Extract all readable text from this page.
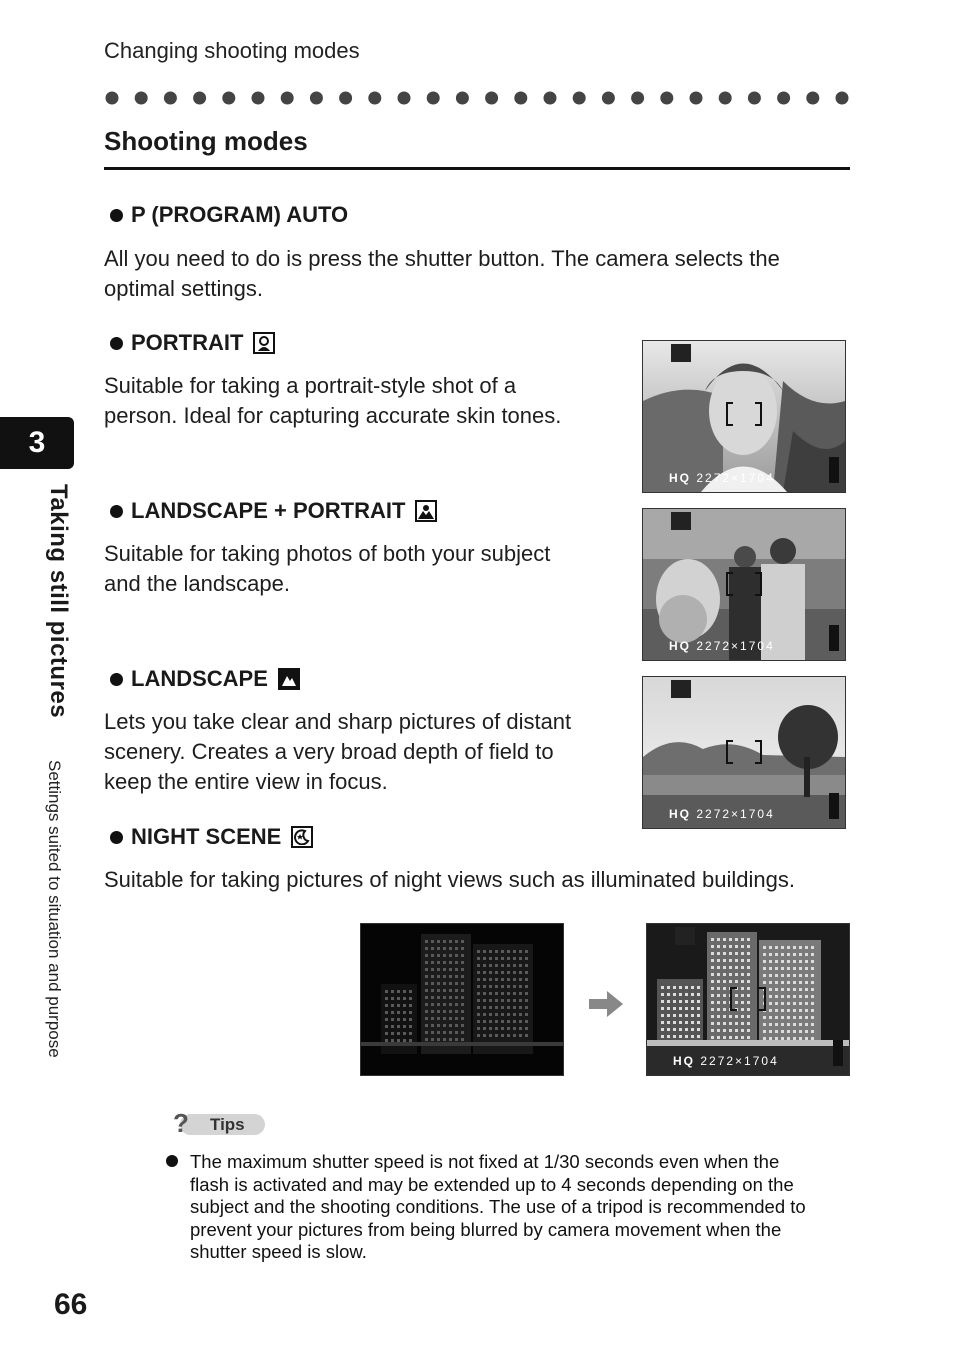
Changing shooting modes
Shooting modes
P (PROGRAM) AUTO
All you need to do is press the shutter button. The camera selects the
optimal settings.
PORTRAIT
Suitable for taking a portrait-style shot of a
person. Ideal for capturing accurate skin tones.
HQ 2272×1704
LANDSCAPE + PORTRAIT
Suitable for taking photos of both your subject
and the landscape.
HQ 2272×1704
LANDSCAPE
Lets you take clear and sharp pictures of distant
scenery. Creates a very broad depth of field to
keep the entire view in focus.
HQ 2272×1704
NIGHT SCENE
Suitable for taking pictures of night views such as illuminated buildings.
HQ 2272×1704
? Tips
The maximum shutter speed is not fixed at 1/30 seconds even when the
flash is activated and may be extended up to 4 seconds depending on the
subject and the shooting conditions. The use of a tripod is recommended to
prevent your pictures from being blurred by camera movement when the
shutter speed is slow.
3
Taking still pictures
Settings suited to situation and purpose
66
